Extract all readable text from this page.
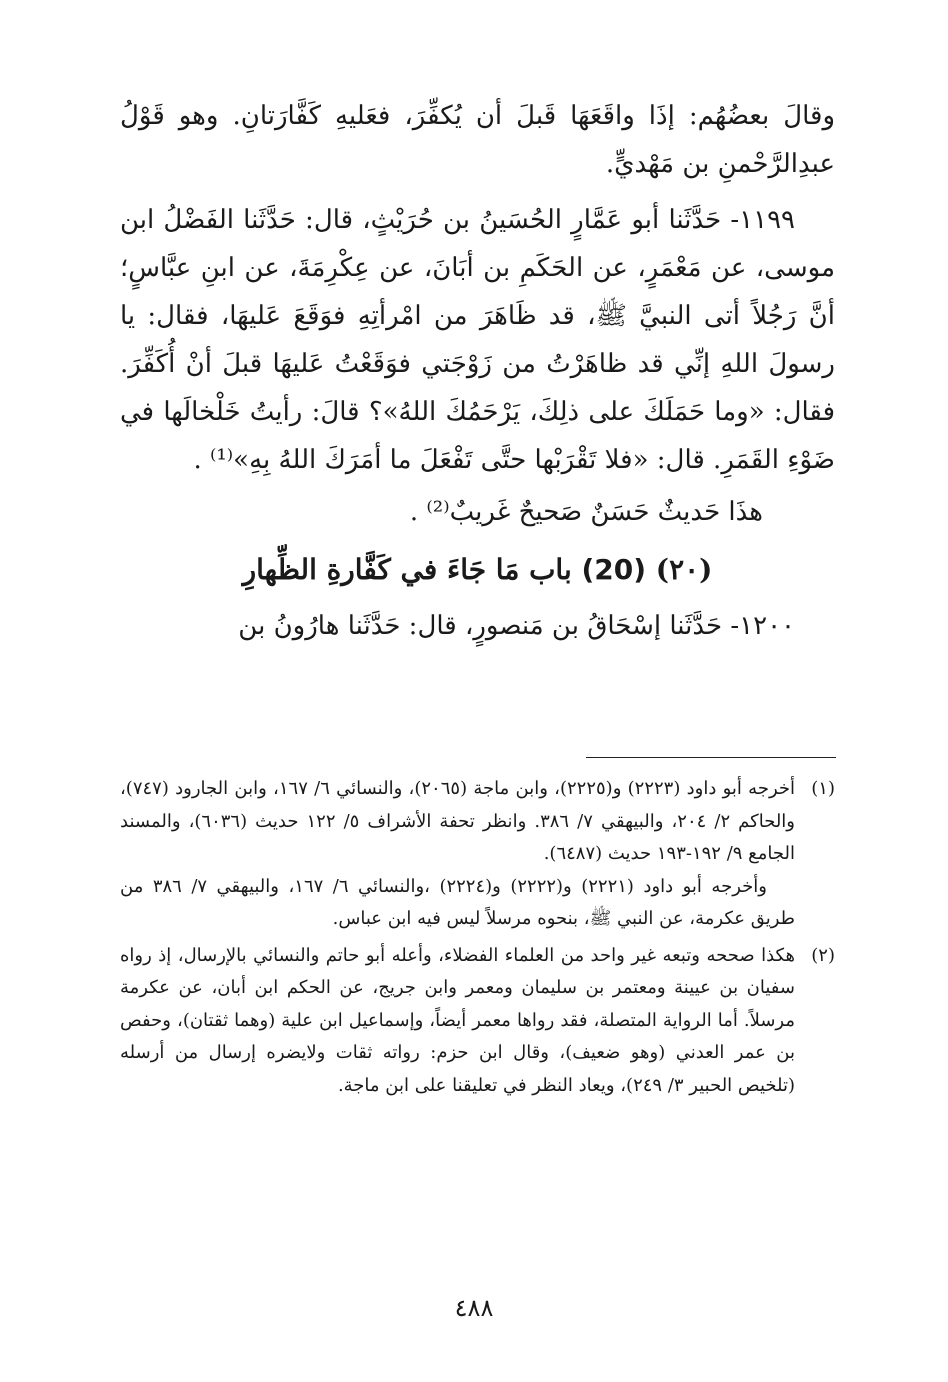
وقالَ بعضُهُم: إذَا واقَعَهَا قَبلَ أن يُكفِّرَ، فعَليهِ كَفَّارَتانِ. وهو قَوْلُ عبدِالرَّحْمنِ بن مَهْديٍّ.

١١٩٩- حَدَّثَنا أبو عَمَّارٍ الحُسَينُ بن حُرَيْثٍ، قال: حَدَّثَنا الفَضْلُ ابن موسى، عن مَعْمَرٍ، عن الحَكَمِ بن أبَانَ، عن عِكْرِمَةَ، عن ابنِ عبَّاسٍ؛ أنَّ رَجُلاً أتى النبيَّ ﷺ، قد ظَاهَرَ من امْرأتِهِ فوَقَعَ عَليهَا، فقال: يا رسولَ اللهِ إنِّي قد ظاهَرْتُ من زَوْجَتي فوَقَعْتُ عَليهَا قبلَ أنْ أُكَفِّرَ. فقال: «وما حَمَلَكَ على ذلِكَ، يَرْحَمُكَ اللهُ»؟ قالَ: رأيتُ خَلْخالَها في ضَوْءِ القَمَرِ. قال: «فلا تَقْرَبْها حتَّى تَفْعَلَ ما أمَرَكَ اللهُ بِهِ»⁽¹⁾ .

هذَا حَديثٌ حَسَنٌ صَحيحٌ غَريبٌ⁽²⁾ .

(٢٠) (20) باب مَا جَاءَ في كَفَّارةِ الظِّهارِ

١٢٠٠- حَدَّثَنا إسْحَاقُ بن مَنصورٍ، قال: حَدَّثَنا هارُونُ بن

(١)

أخرجه أبو داود (٢٢٢٣) و(٢٢٢٥)، وابن ماجة (٢٠٦٥)، والنسائي ٦/ ١٦٧، وابن الجارود (٧٤٧)، والحاكم ٢/ ٢٠٤، والبيهقي ٧/ ٣٨٦. وانظر تحفة الأشراف ٥/ ١٢٢ حديث (٦٠٣٦)، والمسند الجامع ٩/ ١٩٢-١٩٣ حديث (٦٤٨٧).

وأخرجه أبو داود (٢٢٢١) و(٢٢٢٢) و(٢٢٢٤) ،والنسائي ٦/ ١٦٧، والبيهقي ٧/ ٣٨٦ من طريق عكرمة، عن النبي ﷺ، بنحوه مرسلاً ليس فيه ابن عباس.

(٢)

هكذا صححه وتبعه غير واحد من العلماء الفضلاء، وأعله أبو حاتم والنسائي بالإرسال، إذ رواه سفيان بن عيينة ومعتمر بن سليمان ومعمر وابن جريج، عن الحكم ابن أبان، عن عكرمة مرسلاً. أما الرواية المتصلة، فقد رواها معمر أيضاً، وإسماعيل ابن علية (وهما ثقتان)، وحفص بن عمر العدني (وهو ضعيف)، وقال ابن حزم: رواته ثقات ولايضره إرسال من أرسله (تلخيص الحبير ٣/ ٢٤٩)، ويعاد النظر في تعليقنا على ابن ماجة.

٤٨٨
